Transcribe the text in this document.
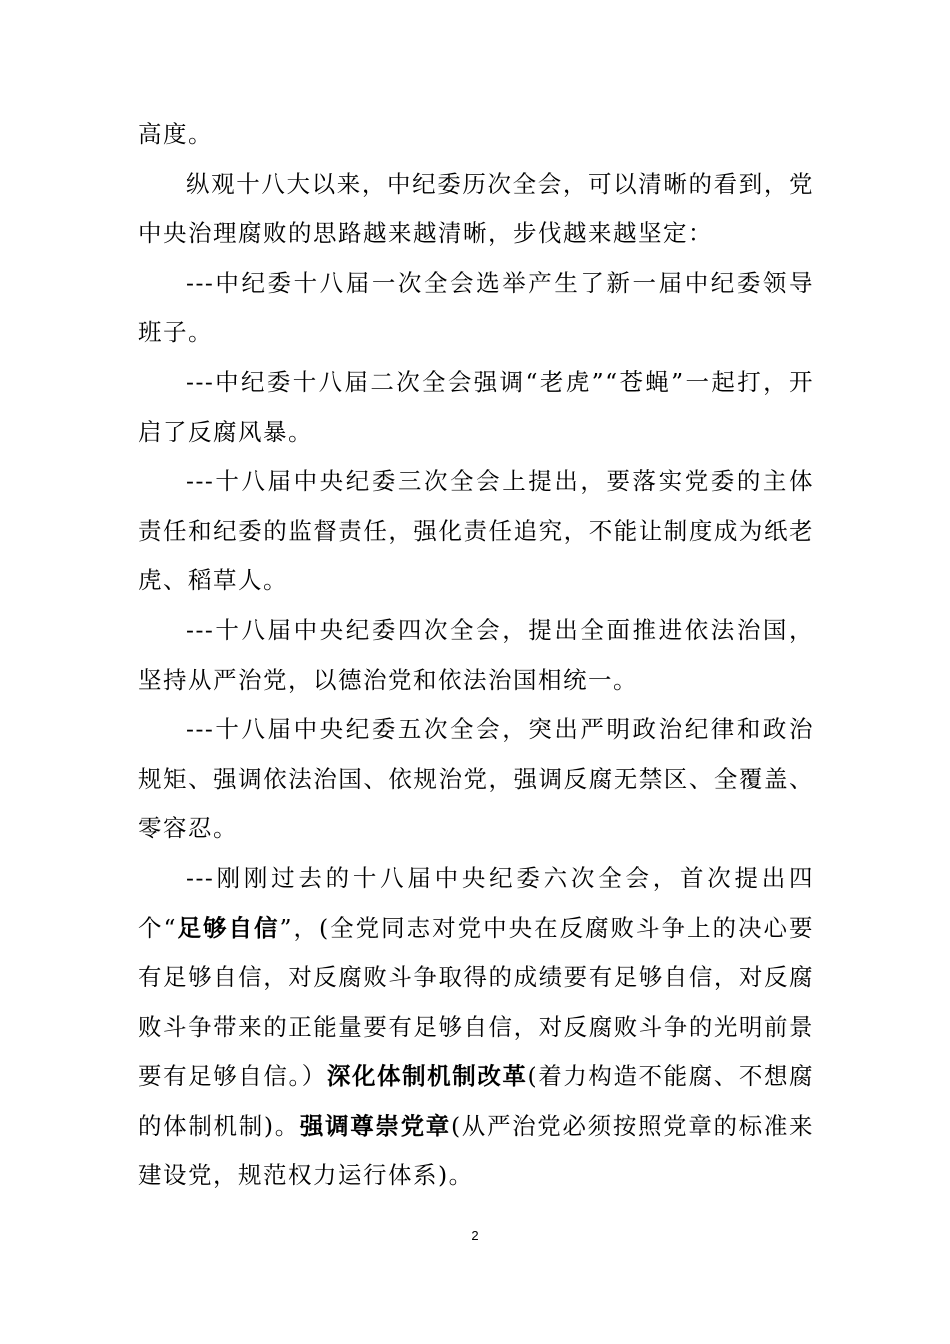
高度。

纵观十八大以来，中纪委历次全会，可以清晰的看到，党中央治理腐败的思路越来越清晰，步伐越来越坚定：

---中纪委十八届一次全会选举产生了新一届中纪委领导班子。

---中纪委十八届二次全会强调“老虎”“苍蝇”一起打，开启了反腐风暴。

---十八届中央纪委三次全会上提出，要落实党委的主体责任和纪委的监督责任，强化责任追究，不能让制度成为纸老虎、稻草人。

---十八届中央纪委四次全会，提出全面推进依法治国，坚持从严治党，以德治党和依法治国相统一。

---十八届中央纪委五次全会，突出严明政治纪律和政治规矩、强调依法治国、依规治党，强调反腐无禁区、全覆盖、零容忍。

---刚刚过去的十八届中央纪委六次全会，首次提出四个“足够自信”，(全党同志对党中央在反腐败斗争上的决心要有足够自信，对反腐败斗争取得的成绩要有足够自信，对反腐败斗争带来的正能量要有足够自信，对反腐败斗争的光明前景要有足够自信。）深化体制机制改革(着力构造不能腐、不想腐的体制机制)。强调尊崇党章(从严治党必须按照党章的标准来建设党，规范权力运行体系)。

2
